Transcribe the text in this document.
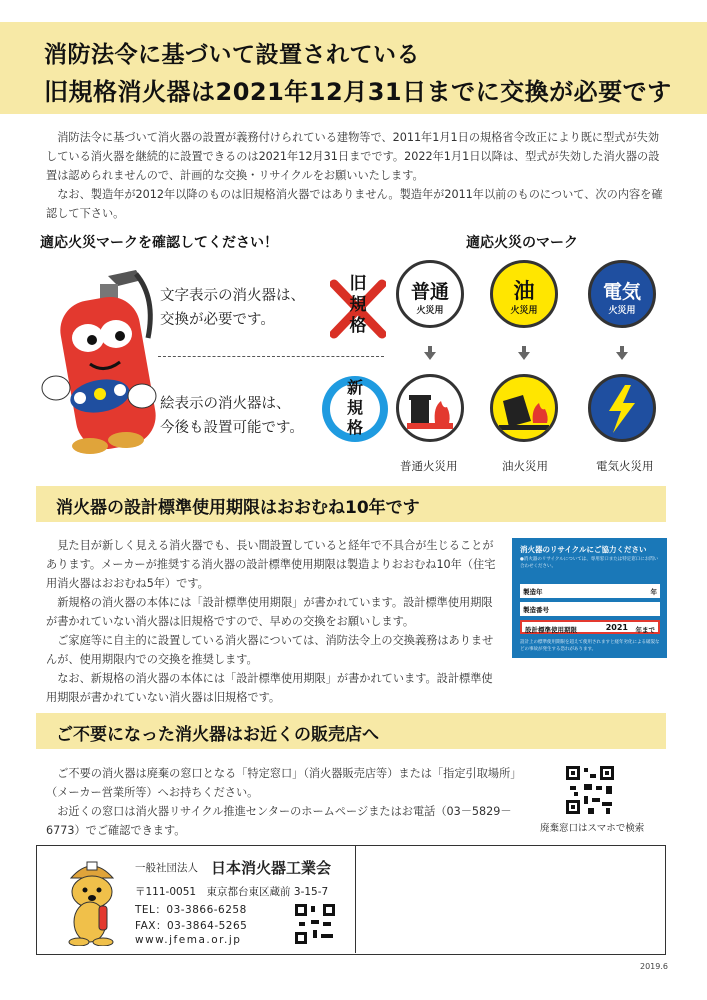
消防法令に基づいて設置されている
旧規格消火器は2021年12月31日までに交換が必要です

消防法令に基づいて消火器の設置が義務付けられている建物等で、2011年1月1日の規格省令改正により既に型式が失効している消火器を継続的に設置できるのは2021年12月31日までです。2022年1月1日以降は、型式が失効した消火器の設置は認められませんので、計画的な交換・リサイクルをお願いいたします。

なお、製造年が2012年以降のものは旧規格消火器ではありません。製造年が2011年以前のものについて、次の内容を確認して下さい。

適応火災マークを確認してください！	適応火災のマーク
文字表示の消火器は、
交換が必要です。
旧規格
絵表示の消火器は、
今後も設置可能です。
新規格
普通
火災用
油
火災用
電気
火災用
普通火災用	油火災用	電気火災用
消火器の設計標準使用期限はおおむね10年です

見た目が新しく見える消火器でも、長い間設置していると経年で不具合が生じることがあります。メーカーが推奨する消火器の設計標準使用期限は製造よりおおむね10年（住宅用消火器はおおむね5年）です。

新規格の消火器の本体には「設計標準使用期限」が書かれています。設計標準使用期限が書かれていない消火器は旧規格ですので、早めの交換をお願いします。

ご家庭等に自主的に設置している消火器については、消防法令上の交換義務はありませんが、使用期限内での交換を推奨します。

なお、新規格の消火器の本体には「設計標準使用期限」が書かれています。設計標準使用期限が書かれていない消火器は旧規格です。

消火器のリサイクルにご協力ください
●消火器のリサイクルについては、専用窓口または特定窓口にお問い合わせください。
製造年	年
製造番号
設計標準使用期限	2021 年まで
設計上の標準使用期限を超えて使用されますと経年劣化による破裂などの事故が発生する恐れがあります。
ご不要になった消火器はお近くの販売店へ

ご不要の消火器は廃棄の窓口となる「特定窓口」（消火器販売店等）または「指定引取場所」（メーカー営業所等）へお持ちください。

お近くの窓口は消火器リサイクル推進センターのホームページまたはお電話（03－5829－6773）でご確認できます。	廃棄窓口はスマホで検索
一般社団法人 日本消火器工業会
〒111-0051　東京都台東区蔵前 3-15-7
TEL：03-3866-6258
FAX：03-3864-5265
www.jfema.or.jp
2019.6
